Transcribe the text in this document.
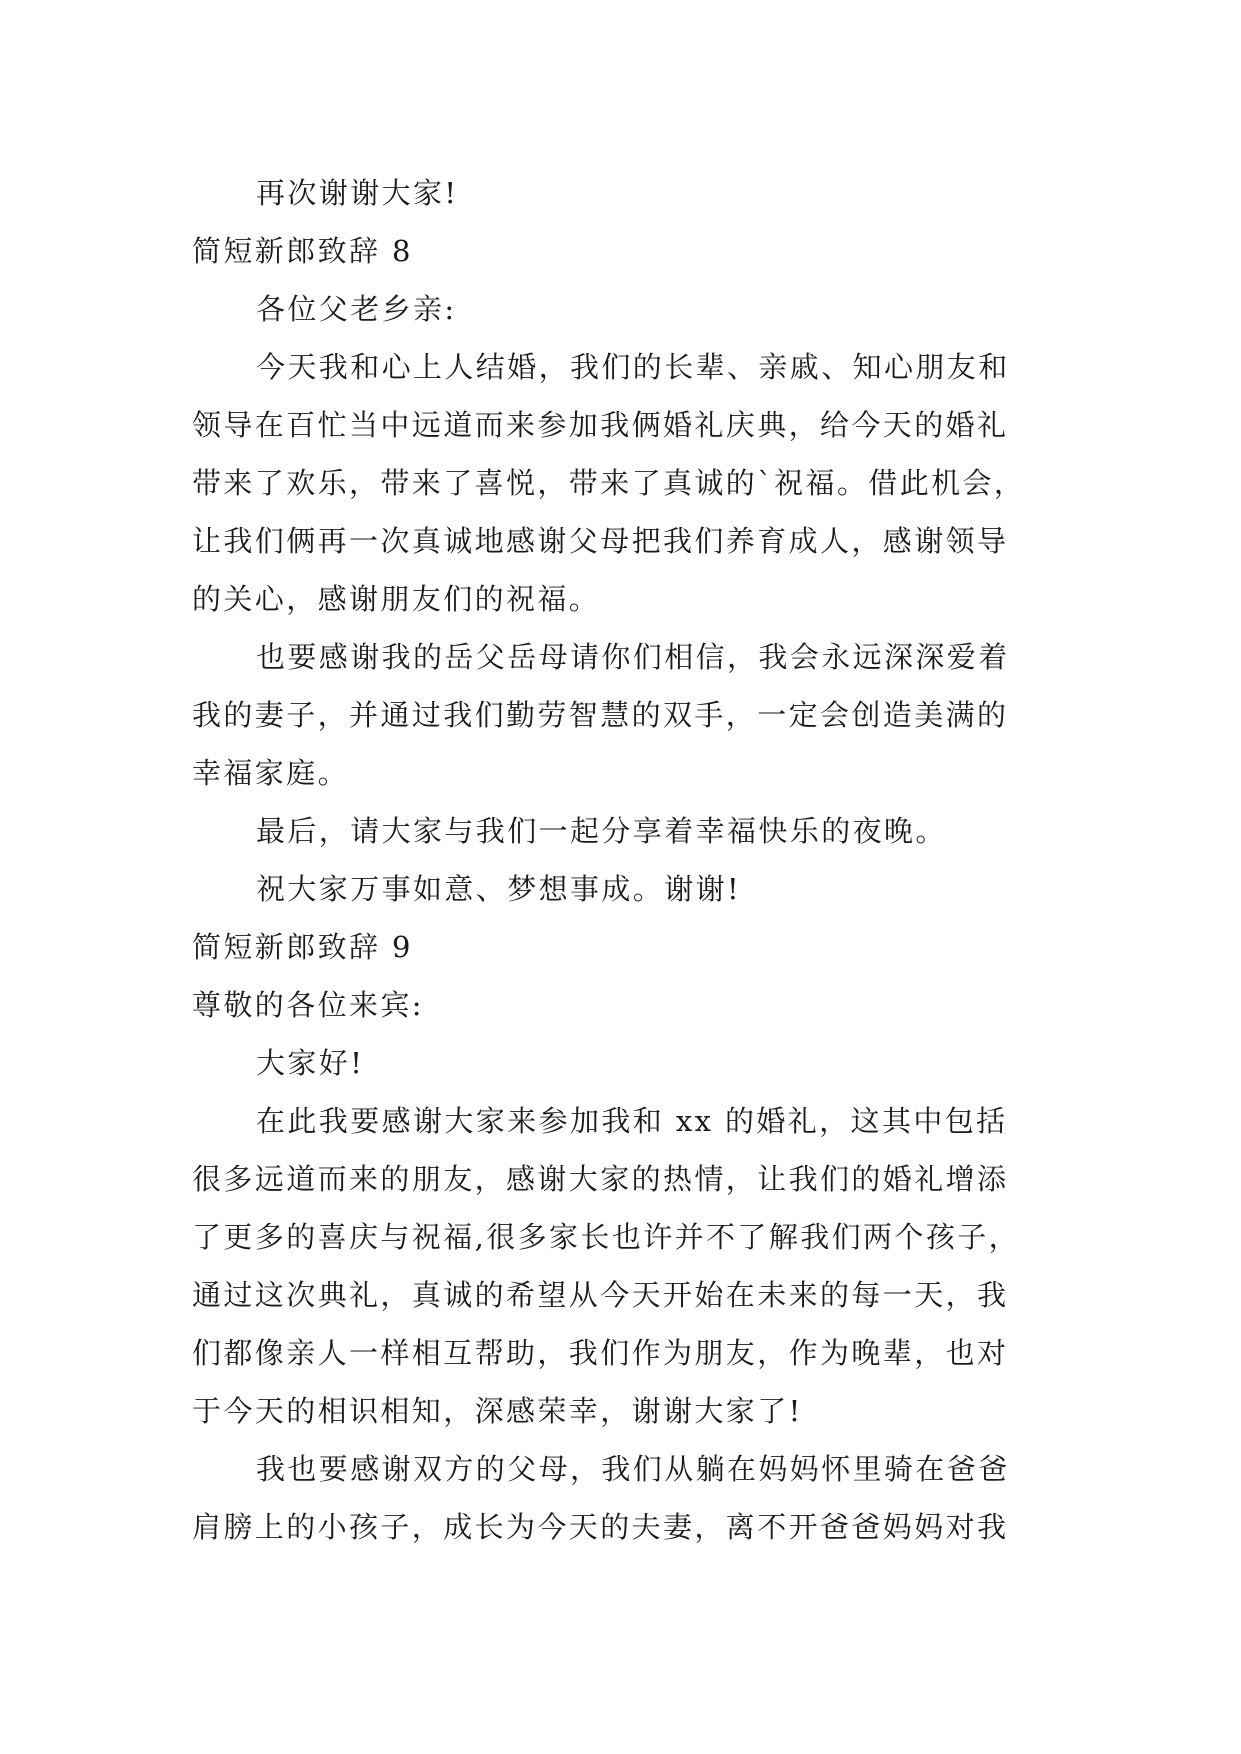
再次谢谢大家!
简短新郎致辞 8
各位父老乡亲:
今天我和心上人结婚，我们的长辈、亲戚、知心朋友和
领导在百忙当中远道而来参加我俩婚礼庆典，给今天的婚礼
带来了欢乐，带来了喜悦，带来了真诚的`祝福。借此机会，
让我们俩再一次真诚地感谢父母把我们养育成人，感谢领导
的关心，感谢朋友们的祝福。
也要感谢我的岳父岳母请你们相信，我会永远深深爱着
我的妻子，并通过我们勤劳智慧的双手，一定会创造美满的
幸福家庭。
最后，请大家与我们一起分享着幸福快乐的夜晚。
祝大家万事如意、梦想事成。谢谢!
简短新郎致辞 9
尊敬的各位来宾:
大家好!
在此我要感谢大家来参加我和 xx 的婚礼，这其中包括
很多远道而来的朋友，感谢大家的热情，让我们的婚礼增添
了更多的喜庆与祝福,很多家长也许并不了解我们两个孩子，
通过这次典礼，真诚的希望从今天开始在未来的每一天，我
们都像亲人一样相互帮助，我们作为朋友，作为晚辈，也对
于今天的相识相知，深感荣幸，谢谢大家了!
我也要感谢双方的父母，我们从躺在妈妈怀里骑在爸爸
肩膀上的小孩子，成长为今天的夫妻，离不开爸爸妈妈对我
